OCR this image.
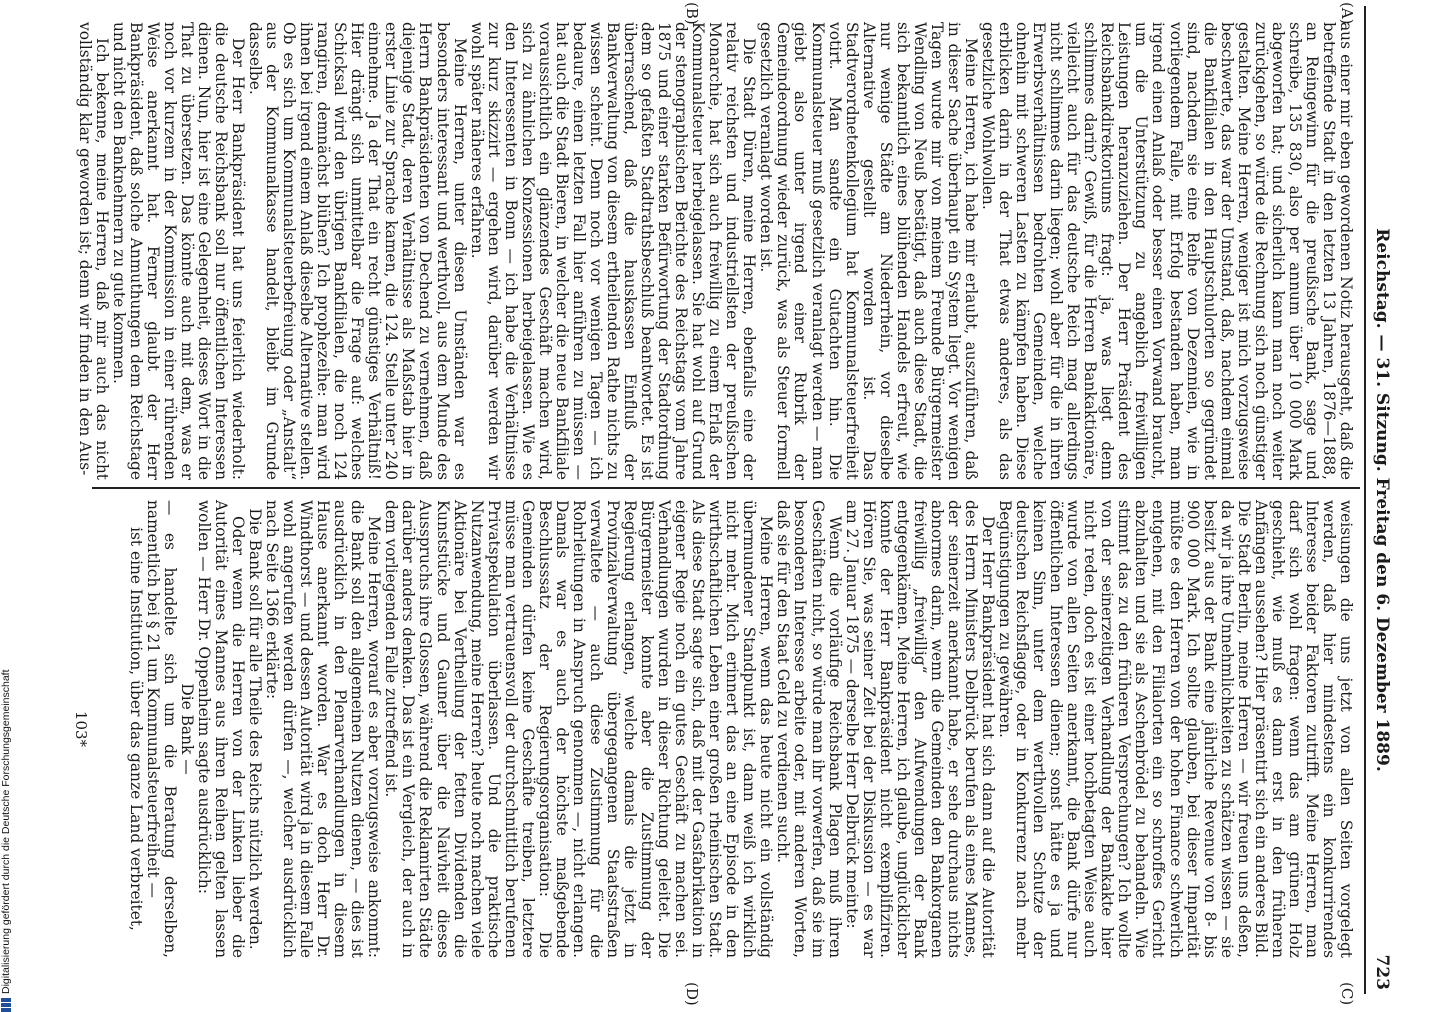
Reichstag. — 31. Sitzung. Freitag den 6. Dezember 1889.
723
(A)
(B)
(C)
(D)

aus einer mir eben gewordenen Notiz herausgeht, daß die betreffende Stadt in den letzten 13 Jahren, 1876—1888, an Reingewinn für die preußische Bank, sage und schreibe, 135 830, also per annum über 10 000 Mark abgeworfen hat; und sicherlich kann man noch weiter zurückgehen, so würde die Rechnung sich noch günstiger gestalten. Meine Herren, weniger ist mich vorzugsweise beschwerte, das war der Umstand, daß, nachdem einmal die Bankfilialen in den Hauptschulorten so gegründet sind, nachdem sie eine Reihe von Dezennien, wie in vorliegendem Falle, mit Erfolg bestanden haben, man irgend einen Anlaß oder besser einen Vorwand braucht, um die Unterstützung zu angeblich freiwilligen Leistungen heranzuziehen. Der Herr Präsident des Reichsbankdirektoriums fragt: ja, was liegt denn schlimmes darin? Gewiß, für die Herren Bankaktionäre, vielleicht auch für das deutsche Reich mag allerdings nicht schlimmes darin liegen; wohl aber für die in ihren Erwerbsverhältnissen bedrohten Gemeinden, welche ohnehin mit schweren Lasten zu kämpfen haben. Diese erblicken darin in der That etwas anderes, als das gesetzliche Wohlwollen.

Meine Herren, ich habe mir erlaubt, auszuführen, daß in dieser Sache überhaupt ein System liegt. Vor wenigen Tagen wurde mir von meinem Freunde Bürgermeister Wendling von Neuß bestätigt, daß auch diese Stadt, die sich bekanntlich eines blühenden Handels erfreut, wie nur wenige Städte am Niederrhein, vor dieselbe Alternative gestellt worden ist. Das Stadtverordnetenkollegium hat Kommunalsteuerfreiheit votirt. Man sandte ein Gutachten hin. Die Kommunalsteuer muß gesetzlich veranlagt werden — man giebt also unter irgend einer Rubrik der Gemeindeordnung wieder zurück, was als Steuer formell gesetzlich veranlagt worden ist.

Die Stadt Düren, meine Herren, ebenfalls eine der relativ reichsten und industriellsten der preußischen Monarchie, hat sich auch freiwillig zu einem Erlaß der Kommunalsteuer herbeigelassen. Sie hat wohl auf Grund der stenographischen Berichte des Reichstags vom Jahre 1875 und einer starken Befürwortung der Stadtordnung dem so gefaßten Stadtrathsbeschluß beantwortet. Es ist überraschend, daß die hauskassen Einfluß der Bankverwaltung von diesem ertheilenden Rathe nichts zu wissen scheint. Denn noch vor wenigen Tagen — ich bedaure, einen letzten Fall hier anführen zu müssen — hat auch die Stadt Bieren, in welcher die neue Bankfiliale voraussichtlich ein glänzendes Geschäft machen wird, sich zu ähnlichen Konzessionen herbeigelassen. Wie es den Interessenten in Bonn — ich habe die Verhältnisse zur kurz skizzirt — ergehen wird, darüber werden wir wohl später näheres erfahren.

Meine Herren, unter diesen Umständen war es besonders interessant und werthvoll, aus dem Munde des Herrn Bankpräsidenten von Dechend zu vernehmen, daß diejenige Stadt, deren Verhältnisse als Maßstab hier in erster Linie zur Sprache kamen, die 124. Stelle unter 240 einnehme. Ja der That ein recht günstiges Verhältniß! Hier drängt sich unmittelbar die Frage auf: welches Schicksal wird den übrigen Bankfilialen, die noch 124 rangiren, demnächst blühen? Ich prophezeihe: man wird ihnen bei irgend einem Anlaß dieselbe Alternative stellen. Ob es sich um Kommunalsteuerbefreiung oder „Anstalt“ aus der Kommunalkasse handelt, bleibt im Grunde dasselbe.

Der Herr Bankpräsident hat uns feierlich wiederholt: die deutsche Reichsbank soll nur öffentlichen Interessen dienen. Nun, hier ist eine Gelegenheit, dieses Wort in die That zu übersetzen. Das könnte auch mit dem, was er noch vor kurzem in der Kommission in einer rührenden Weise anerkannt hat. Ferner glaubt der Herr Bankpräsident, daß solche Anmuthungen dem Reichstage und nicht den Banknehmern zu gute kommen.

Ich bekenne, meine Herren, daß mir auch das nicht vollständig klar geworden ist; denn wir finden in den Aus-

weisungen die uns jetzt von allen Seiten vorgelegt werden, daß hier mindestens ein konkurrirendes Interesse beider Faktoren zutrifft. Meine Herren, man darf sich wohl fragen: wenn das am grünen Holz geschieht, wie muß es dann erst in den früheren Anfängen aussehen? Hier präsentirt sich ein anderes Bild. Die Stadt Berlin, meine Herren — wir freuen uns deßen, da wir ja ihre Unnehmlichkeiten zu schätzen wissen — sie besitzt aus der Bank eine jährliche Revenue von 8- bis 900 000 Mark. Ich sollte glauben, bei dieser Imparität müßte es den Herren von der hohen Finance schwerlich entgehen, mit den Filialorten ein so schroffes Gericht abzuhalten und sie als Aschenbrödel zu behandeln. Wie stimmt das zu den früheren Versprechungen? Ich wollte von der seinerzeitigen Verhandlung der Bankakte hier nicht reden, doch es ist einer hochbetagten Weise auch wurde von allen Seiten anerkannt, die Bank dürfe nur öffentlichen Interessen dienen; sonst hätte es ja und keinen Sinn, unter dem werthvollen Schutze der deutschen Reichsflagge, oder in Konkurrenz nach mehr Begünstigungen zu gewähren.

Der Herr Bankpräsident hat sich dann auf die Autorität des Herrn Ministers Delbrück berufen als eines Mannes, der seinerzeit anerkannt habe, er sehe durchaus nichts abnormes darin, wenn die Gemeinden den Bankorganen freiwillig „freiwillig“ den Aufwendungen der Bank entgegenkämen. Meine Herren, ich glaube, unglücklicher konnte der Herr Bankpräsident nicht exemplifiziren. Hören Sie, was seiner Zeit bei der Diskussion — es war am 27. Januar 1875 — derselbe Herr Delbrück meinte:

Wenn die vorläufige Reichsbank Plagen muß ihren Geschäften nicht, so würde man ihr vorwerfen, daß sie im besonderen Interesse arbeite oder, mit anderen Worten, daß sie für den Staat Geld zu verdienen sucht.

Meine Herren, wenn das heute nicht ein vollständig übermundener Standpunkt ist, dann weiß ich wirklich nicht mehr. Mich erinnert das an eine Episode in den wirthschaftlichen Leben einer großen rheinischen Stadt. Als diese Stadt sagte sich, daß mit der Gasfabrikation in eigener Regie noch ein gutes Geschäft zu machen sei. Verhandlungen wurden in dieser Richtung geleitet. Die Bürgermeister konnte aber die Zustimmung der Regierung erlangen, welche damals die jetzt in Provinzialverwaltung übergegangenen Staatsstraßen verwaltete — auch diese Zustimmung für die Rohrleitungen in Anspruch genommen —, nicht erlangen. Damals war es auch der höchste maßgebende Beschlusssatz der Regierungsorganisation: Die Gemeinden dürfen keine Geschäfte treiben, letztere müsse man vertrauensvoll der durchschnittlich berufenen Privatspekulation überlassen. Und die praktische Nutzanwendung, meine Herren? heute noch machen viele Aktionäre bei Vertheilung der fetten Dividenden die Kunststücke und Gauner über die Naivheit dieses Ausspruchs ihre Glossen, während die Reklamirten Städte darüber anders denken. Das ist ein Vergleich, der auch in dem vorliegenden Falle zutreffend ist.

Meine Herren, worauf es aber vorzugsweise ankommt: die Bank soll den allgemeinen Nutzen dienen, — dies ist ausdrücklich in den Plenarverhandlungen in diesem Hause anerkannt worden. War es doch Herr Dr. Windthorst — und dessen Autorität wird ja in diesem Falle wohl angerufen werden dürfen —, welcher ausdrücklich nach Seite 1366 erklärte:

Die Bank soll für alle Theile des Reichs nützlich werden.

Oder wenn die Herren von der Linken lieber die Autorität eines Mannes aus ihren Reihen gelten lassen wollen — Herr Dr. Oppenheim sagte ausdrücklich:

Die Bank —

— es handelte sich um die Beratung derselben, namentlich bei § 21 um Kommunalsteuerfreiheit —

ist eine Institution, über das ganze Land verbreitet,

103*
Digitalisierung gefördert durch die Deutsche Forschungsgemeinschaft
